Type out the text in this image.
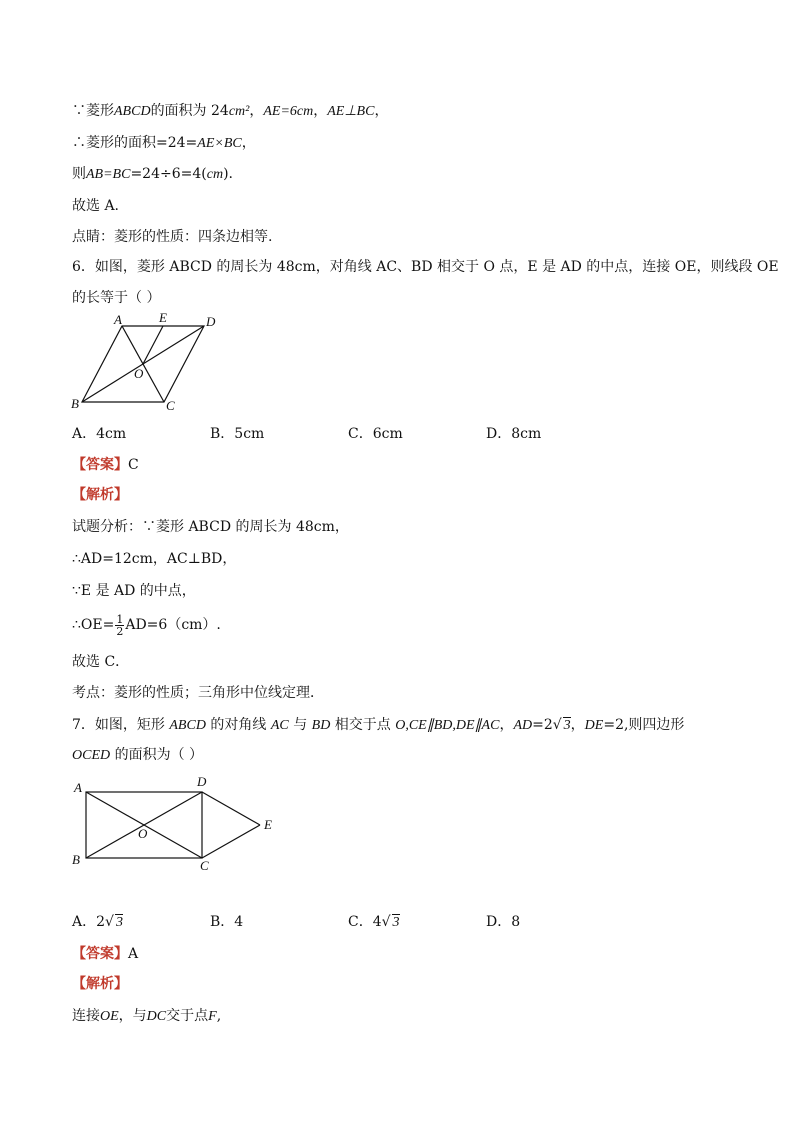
∵菱形ABCD的面积为 24cm²，AE=6cm，AE⊥BC，
∴菱形的面积=24=AE×BC，
则AB=BC=24÷6=4(cm).
故选 A.
点睛：菱形的性质：四条边相等.
6．如图，菱形 ABCD 的周长为 48cm，对角线 AC、BD 相交于 O 点，E 是 AD 的中点，连接 OE，则线段 OE
的长等于（ ）
A	E	D
O
B	C
A．4cm	B．5cm	C．6cm	D．8cm
【答案】C
【解析】
试题分析：∵菱形 ABCD 的周长为 48cm，
∴AD=12cm，AC⊥BD，
∵E 是 AD 的中点，
∴OE= $\frac{1}{2} AD=6(cm)$.
故选 C．
考点：菱形的性质；三角形中位线定理．
7．如图，矩形 ABCD 的对角线 AC 与 BD 相交于点 O,CE∥BD,DE∥AC，AD=2√ 3，DE=2,则四边形
OCED 的面积为（ ）
A
B
D
C
O
E
A．2√ 3	B．4	C．4√ 3	D．8
【答案】A
【解析】
连接OE，与DC交于点F,
